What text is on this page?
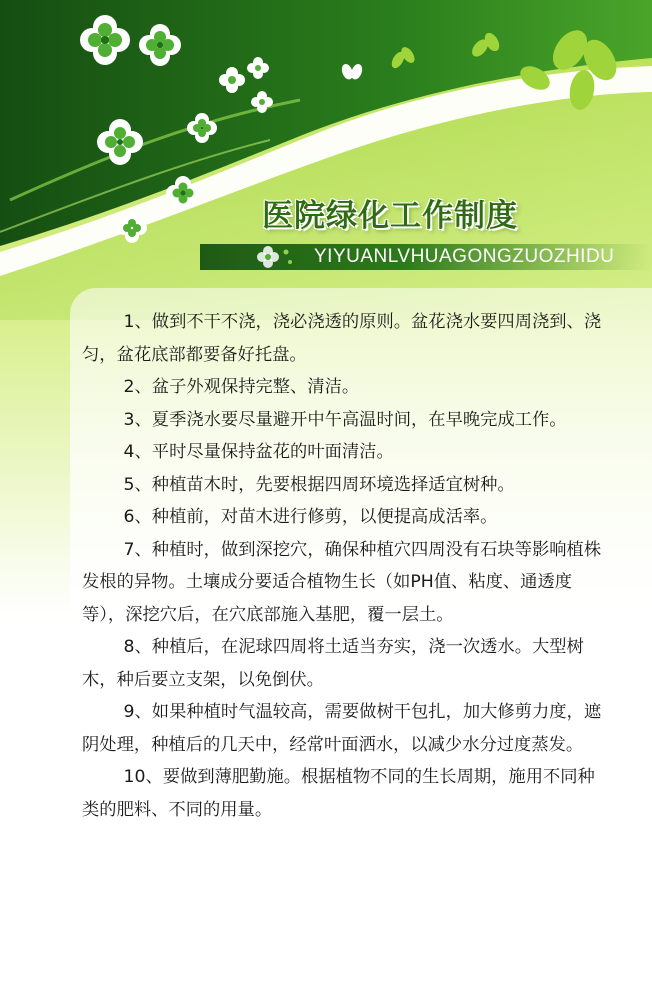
医院绿化工作制度
YIYUANLVHUAGONGZUOZHIDU

1、做到不干不浇，浇必浇透的原则。盆花浇水要四周浇到、浇匀，盆花底部都要备好托盘。

2、盆子外观保持完整、清洁。

3、夏季浇水要尽量避开中午高温时间，在早晚完成工作。

4、平时尽量保持盆花的叶面清洁。

5、种植苗木时，先要根据四周环境选择适宜树种。

6、种植前，对苗木进行修剪，以便提高成活率。

7、种植时，做到深挖穴，确保种植穴四周没有石块等影响植株发根的异物。土壤成分要适合植物生长（如PH值、粘度、通透度等），深挖穴后，在穴底部施入基肥，覆一层土。

8、种植后，在泥球四周将土适当夯实，浇一次透水。大型树木，种后要立支架，以免倒伏。

9、如果种植时气温较高，需要做树干包扎，加大修剪力度，遮阴处理，种植后的几天中，经常叶面洒水，以减少水分过度蒸发。

10、要做到薄肥勤施。根据植物不同的生长周期，施用不同种类的肥料、不同的用量。
